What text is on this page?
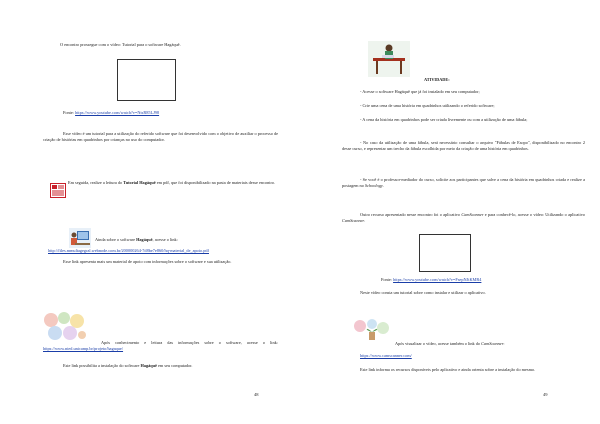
O encontro prossegue com o vídeo: Tutorial para o software Hagáquê.
Fonte: https://www.youtube.com/watch?v=NtsR85LJ98
Esse vídeo é um tutorial para a utilização do referido software que foi desenvolvido com o objetivo de auxiliar o processo de criação de histórias em quadrinhos por crianças no uso do computador.
Em seguida, realize a leitura do Tutorial Hagáquê em pdf, que foi disponibilizado na pasta de materiais desse encontro.
Ainda sobre o software Hagáquê, acesse o link:
http://files.mmultagegral.webnode.com.br/200000264-7d8be7e860/hq-material_de_apoio.pdf
Esse link apresenta mais um material de apoio com informações sobre o software e sua utilização.
Após conhecimento e leitura das informações sobre o software, acesse o link: https://www.nied.unicamp.br/projeto/hagaque/
Este link possibilita a instalação do software Hagáquê em seu computador.
48
ATIVIDADE:
- Acesse o software Hagáquê que já foi instalado em seu computador;
- Crie uma cena de uma história em quadrinhos utilizando o referido software;
- A cena da história em quadrinhos pode ser criada livremente ou com a utilização de uma fábula;
- No caso da utilização de uma fábula, será necessário consultar o arquivo "Fábulas de Esopo", disponibilizado no encontro 2 desse curso, e representar um trecho da fábula escolhida por meio da criação de uma história em quadrinhos.
- Se você é o professor-mediador do curso, solicite aos participantes que salve a cena da história em quadrinhos criada e realize a postagem no Schoology.
Outro recurso apresentado nesse encontro foi o aplicativo CamScanner e para conhecê-lo, acesse o vídeo: Utilizando o aplicativo CamScanner.
Fonte: https://www.youtube.com/watch?v=FsepNJtKMR4
Neste vídeo consta um tutorial sobre como instalar e utilizar o aplicativo.
Após visualizar o vídeo, acesse também o link do CamScanner:
https://www.camscanner.com/
Este link informa os recursos disponíveis pelo aplicativo e ainda orienta sobre a instalação do mesmo.
49
